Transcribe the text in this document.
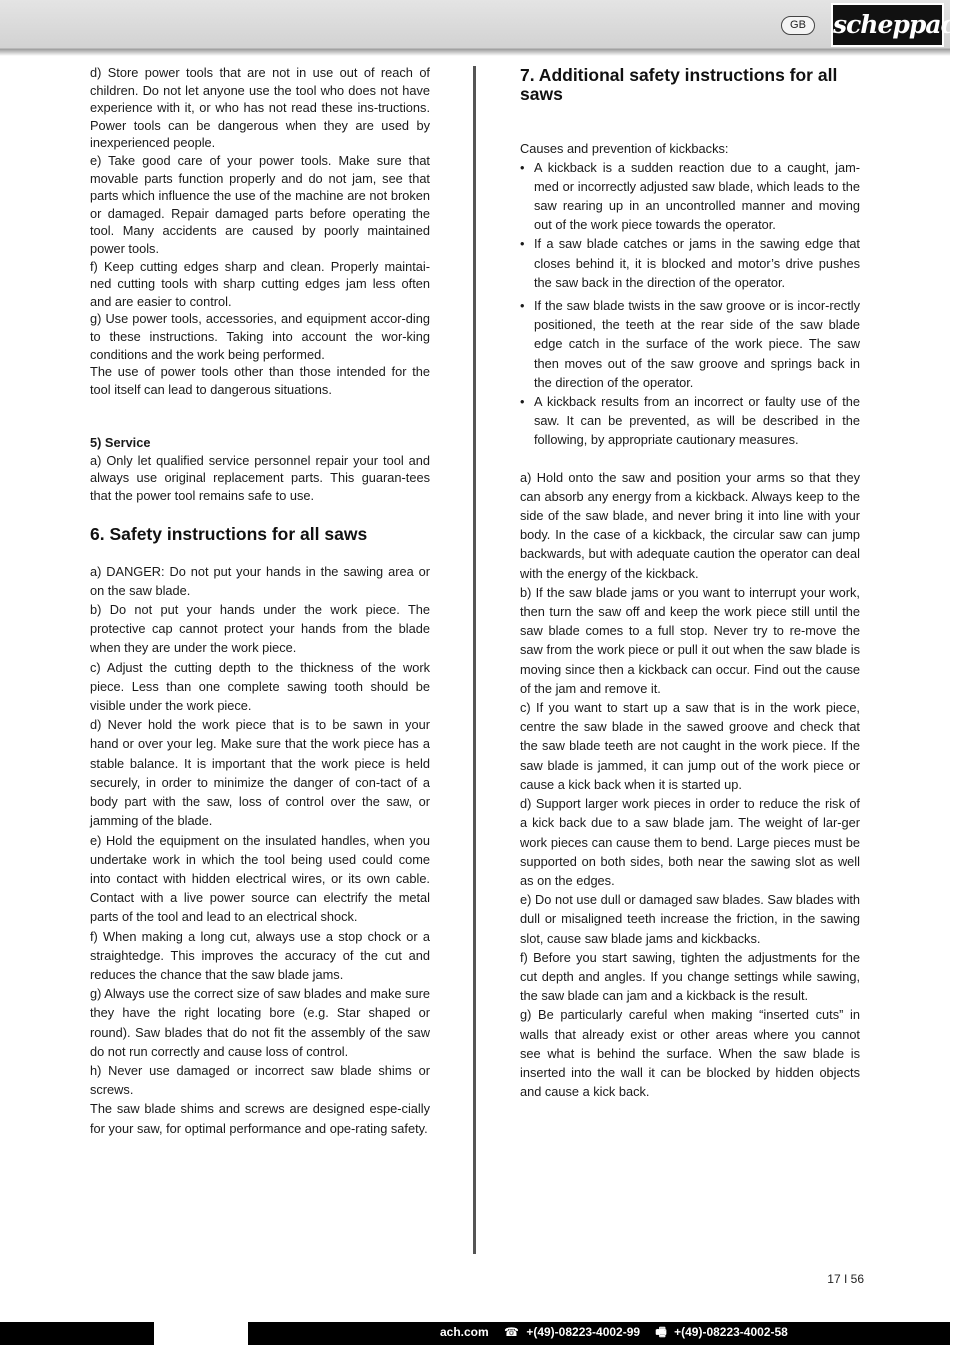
GB	scheppach

d) Store power tools that are not in use out of reach of children. Do not let anyone use the tool who does not have experience with it, or who has not read these ins-tructions. Power tools can be dangerous when they are used by inexperienced people.

e) Take good care of your power tools. Make sure that movable parts function properly and do not jam, see that parts which influence the use of the machine are not broken or damaged. Repair damaged parts before operating the tool. Many accidents are caused by poorly maintained power tools.

f) Keep cutting edges sharp and clean. Properly maintai-ned cutting tools with sharp cutting edges jam less often and are easier to control.

g) Use power tools, accessories, and equipment accor-ding to these instructions. Taking into account the wor-king conditions and the work being performed.

The use of power tools other than those intended for the tool itself can lead to dangerous situations.

5) Service

a) Only let qualified service personnel repair your tool and always use original replacement parts. This guaran-tees that the power tool remains safe to use.

6. Safety instructions for all saws

a) DANGER: Do not put your hands in the sawing area or on the saw blade.

b) Do not put your hands under the work piece. The protective cap cannot protect your hands from the blade when they are under the work piece.

c) Adjust the cutting depth to the thickness of the work piece. Less than one complete sawing tooth should be visible under the work piece.

d) Never hold the work piece that is to be sawn in your hand or over your leg. Make sure that the work piece has a stable balance. It is important that the work piece is held securely, in order to minimize the danger of con-tact of a body part with the saw, loss of control over the saw, or jamming of the blade.

e) Hold the equipment on the insulated handles, when you undertake work in which the tool being used could come into contact with hidden electrical wires, or its own cable. Contact with a live power source can electrify the metal parts of the tool and lead to an electrical shock.

f) When making a long cut, always use a stop chock or a straightedge. This improves the accuracy of the cut and reduces the chance that the saw blade jams.

g) Always use the correct size of saw blades and make sure they have the right locating bore (e.g. Star shaped or round). Saw blades that do not fit the assembly of the saw do not run correctly and cause loss of control.

h) Never use damaged or incorrect saw blade shims or screws.

The saw blade shims and screws are designed espe-cially for your saw, for optimal performance and ope-rating safety.

7. Additional safety instructions for all saws

Causes and prevention of kickbacks:

• A kickback is a sudden reaction due to a caught, jam-med or incorrectly adjusted saw blade, which leads to the saw rearing up in an uncontrolled manner and moving out of the work piece towards the operator.
• If a saw blade catches or jams in the sawing edge that closes behind it, it is blocked and motor’s drive pushes the saw back in the direction of the operator.
• If the saw blade twists in the saw groove or is incor-rectly positioned, the teeth at the rear side of the saw blade edge catch in the surface of the work piece. The saw then moves out of the saw groove and springs back in the direction of the operator.
• A kickback results from an incorrect or faulty use of the saw. It can be prevented, as will be described in the following, by appropriate cautionary measures.

a) Hold onto the saw and position your arms so that they can absorb any energy from a kickback. Always keep to the side of the saw blade, and never bring it into line with your body. In the case of a kickback, the circular saw can jump backwards, but with adequate caution the operator can deal with the energy of the kickback.

b) If the saw blade jams or you want to interrupt your work, then turn the saw off and keep the work piece still until the saw blade comes to a full stop. Never try to re-move the saw from the work piece or pull it out when the saw blade is moving since then a kickback can occur. Find out the cause of the jam and remove it.

c) If you want to start up a saw that is in the work piece, centre the saw blade in the sawed groove and check that the saw blade teeth are not caught in the work piece. If the saw blade is jammed, it can jump out of the work piece or cause a kick back when it is started up.

d) Support larger work pieces in order to reduce the risk of a kick back due to a saw blade jam. The weight of lar-ger work pieces can cause them to bend. Large pieces must be supported on both sides, both near the sawing slot as well as on the edges.

e) Do not use dull or damaged saw blades. Saw blades with dull or misaligned teeth increase the friction, in the sawing slot, cause saw blade jams and kickbacks.

f) Before you start sawing, tighten the adjustments for the cut depth and angles. If you change settings while sawing, the saw blade can jam and a kickback is the result.

g) Be particularly careful when making “inserted cuts” in walls that already exist or other areas where you cannot see what is behind the surface. When the saw blade is inserted into the wall it can be blocked by hidden objects and cause a kick back.

17 I 56
ach.com ☎ +(49)-08223-4002-99 🖷 +(49)-08223-4002-58
